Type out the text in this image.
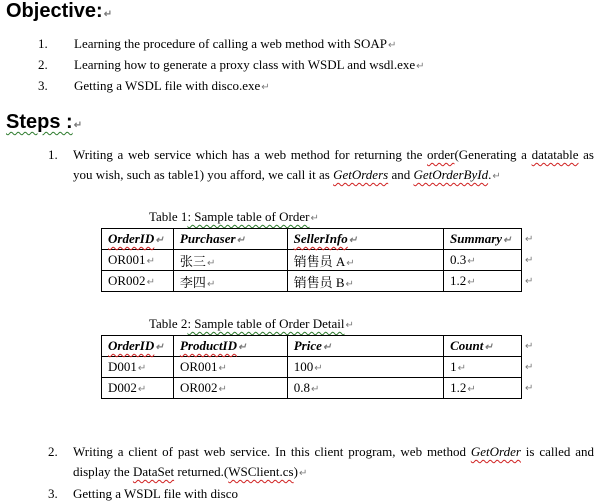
Objective:↵
1. Learning the procedure of calling a web method with SOAP↵
2. Learning how to generate a proxy class with WSDL and wsdl.exe↵
3. Getting a WSDL file with disco.exe↵
Steps :↵
1. Writing a web service which has a web method for returning the order(Generating a datatable as you wish, such as table1) you afford, we call it as GetOrders and GetOrderById.↵
Table 1: Sample table of Order↵
OrderID↵	Purchaser↵	SellerInfo↵	Summary↵
OR001↵	张三↵	销售员 A↵	0.3↵
OR002↵	李四↵	销售员 B↵	1.2↵
↵
↵
↵
Table 2: Sample table of Order Detail↵
OrderID↵	ProductID↵	Price↵	Count↵
D001↵	OR001↵	100↵	1↵
D002↵	OR002↵	0.8↵	1.2↵
↵
↵
↵
2. Writing a client of past web service. In this client program, web method GetOrder is called and display the DataSet returned.(WSClient.cs)↵
3. Getting a WSDL file with disco
